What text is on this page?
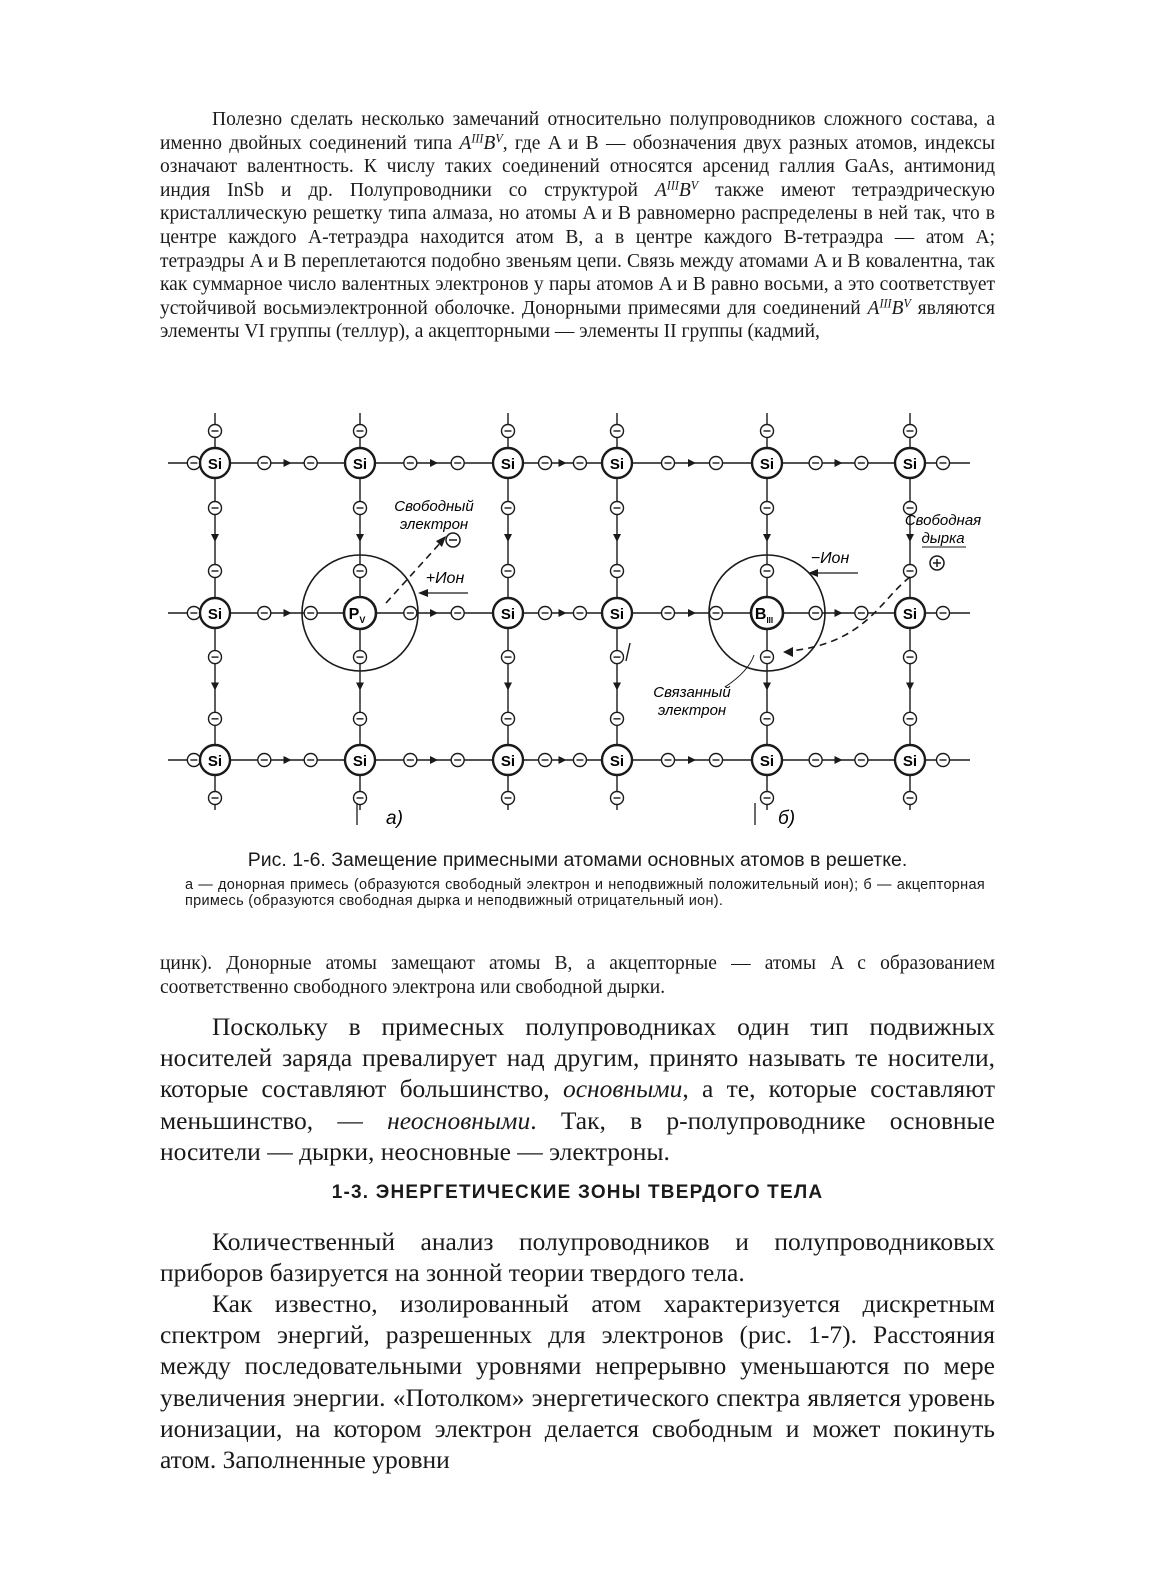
Полезно сделать несколько замечаний относительно полупроводников сложного состава, а именно двойных соединений типа $A^{III}B^V$, где A и B — обозначения двух разных атомов, индексы означают валентность. К числу таких соединений относятся арсенид галлия GaAs, антимонид индия InSb и др. Полупроводники со структурой $A^{III}B^V$ также имеют тетраэдрическую кристаллическую решетку типа алмаза, но атомы A и B равномерно распределены в ней так, что в центре каждого А-тетраэдра находится атом B, а в центре каждого В-тетраэдра — атом A; тетраэдры A и B переплетаются подобно звеньям цепи. Связь между атомами A и B ковалентна, так как суммарное число валентных электронов у пары атомов A и B равно восьми, а это соответствует устойчивой восьмиэлектронной оболочке. Донорными примесями для соединений $A^{III}B^V$ являются элементы VI группы (теллур), а акцепторными — элементы II группы (кадмий,

Si	Si	Si	Si	Si	Si
Si	Si	Si	Si
Si	Si	Si	Si	Si	Si
$P_V$
Свободный
электрон
+Ион
$B_{III}$
−Ион
Связанный
электрон
Свободная
дырка
а)	б)
Рис. 1-6. Замещение примесными атомами основных атомов в решетке.
а — донорная примесь (образуются свободный электрон и неподвижный положительный ион); б — акцепторная примесь (образуются свободная дырка и неподвижный отрицательный ион).

цинк). Донорные атомы замещают атомы B, а акцепторные — атомы A с образованием соответственно свободного электрона или свободной дырки.

Поскольку в примесных полупроводниках один тип подвижных носителей заряда превалирует над другим, принято называть те носители, которые составляют большинство, основными, а те, которые составляют меньшинство, — неосновными. Так, в p-полупроводнике основные носители — дырки, неосновные — электроны.

1-3. ЭНЕРГЕТИЧЕСКИЕ ЗОНЫ ТВЕРДОГО ТЕЛА

Количественный анализ полупроводников и полупроводниковых приборов базируется на зонной теории твердого тела.

Как известно, изолированный атом характеризуется дискретным спектром энергий, разрешенных для электронов (рис. 1-7). Расстояния между последовательными уровнями непрерывно уменьшаются по мере увеличения энергии. «Потолком» энергетического спектра является уровень ионизации, на котором электрон делается свободным и может покинуть атом. Заполненные уровни
